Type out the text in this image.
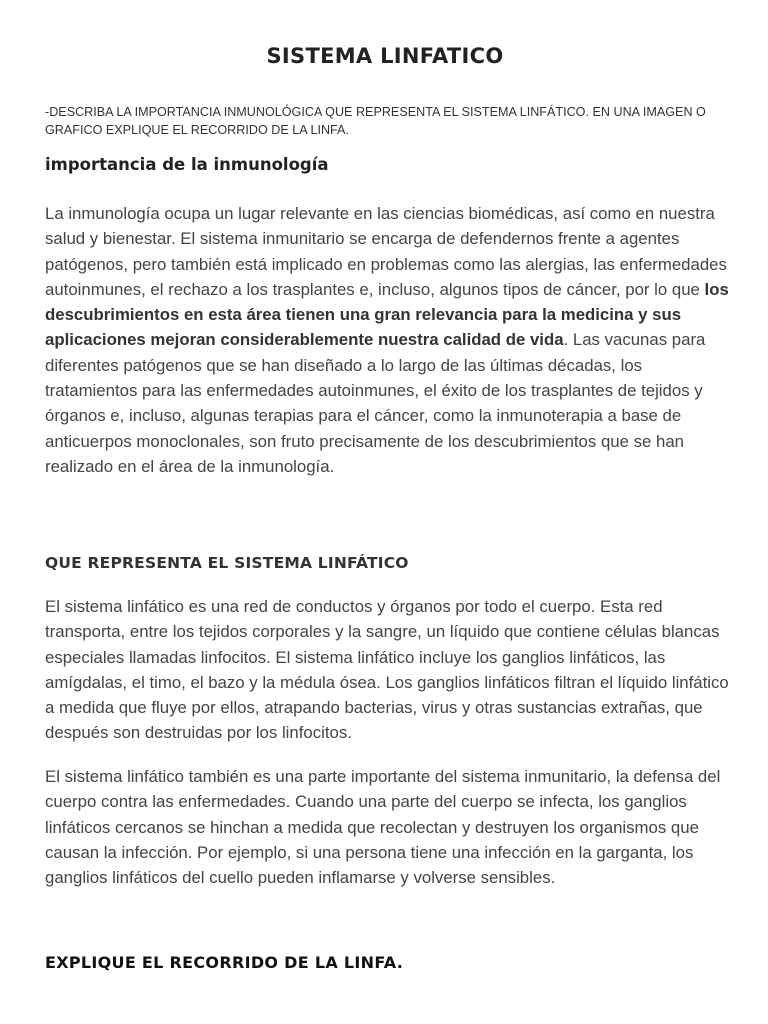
SISTEMA LINFATICO

-DESCRIBA LA IMPORTANCIA INMUNOLÓGICA QUE REPRESENTA EL SISTEMA LINFÁTICO. EN UNA IMAGEN O GRAFICO EXPLIQUE EL RECORRIDO DE LA LINFA.

importancia de la inmunología

La inmunología ocupa un lugar relevante en las ciencias biomédicas, así como en nuestra salud y bienestar. El sistema inmunitario se encarga de defendernos frente a agentes patógenos, pero también está implicado en problemas como las alergias, las enfermedades autoinmunes, el rechazo a los trasplantes e, incluso, algunos tipos de cáncer, por lo que los descubrimientos en esta área tienen una gran relevancia para la medicina y sus aplicaciones mejoran considerablemente nuestra calidad de vida. Las vacunas para diferentes patógenos que se han diseñado a lo largo de las últimas décadas, los tratamientos para las enfermedades autoinmunes, el éxito de los trasplantes de tejidos y órganos e, incluso, algunas terapias para el cáncer, como la inmunoterapia a base de anticuerpos monoclonales, son fruto precisamente de los descubrimientos que se han realizado en el área de la inmunología.

QUE REPRESENTA EL SISTEMA LINFÁTICO

El sistema linfático es una red de conductos y órganos por todo el cuerpo. Esta red transporta, entre los tejidos corporales y la sangre, un líquido que contiene células blancas especiales llamadas linfocitos. El sistema linfático incluye los ganglios linfáticos, las amígdalas, el timo, el bazo y la médula ósea. Los ganglios linfáticos filtran el líquido linfático a medida que fluye por ellos, atrapando bacterias, virus y otras sustancias extrañas, que después son destruidas por los linfocitos.

El sistema linfático también es una parte importante del sistema inmunitario, la defensa del cuerpo contra las enfermedades. Cuando una parte del cuerpo se infecta, los ganglios linfáticos cercanos se hinchan a medida que recolectan y destruyen los organismos que causan la infección. Por ejemplo, si una persona tiene una infección en la garganta, los ganglios linfáticos del cuello pueden inflamarse y volverse sensibles.

EXPLIQUE EL RECORRIDO DE LA LINFA.
